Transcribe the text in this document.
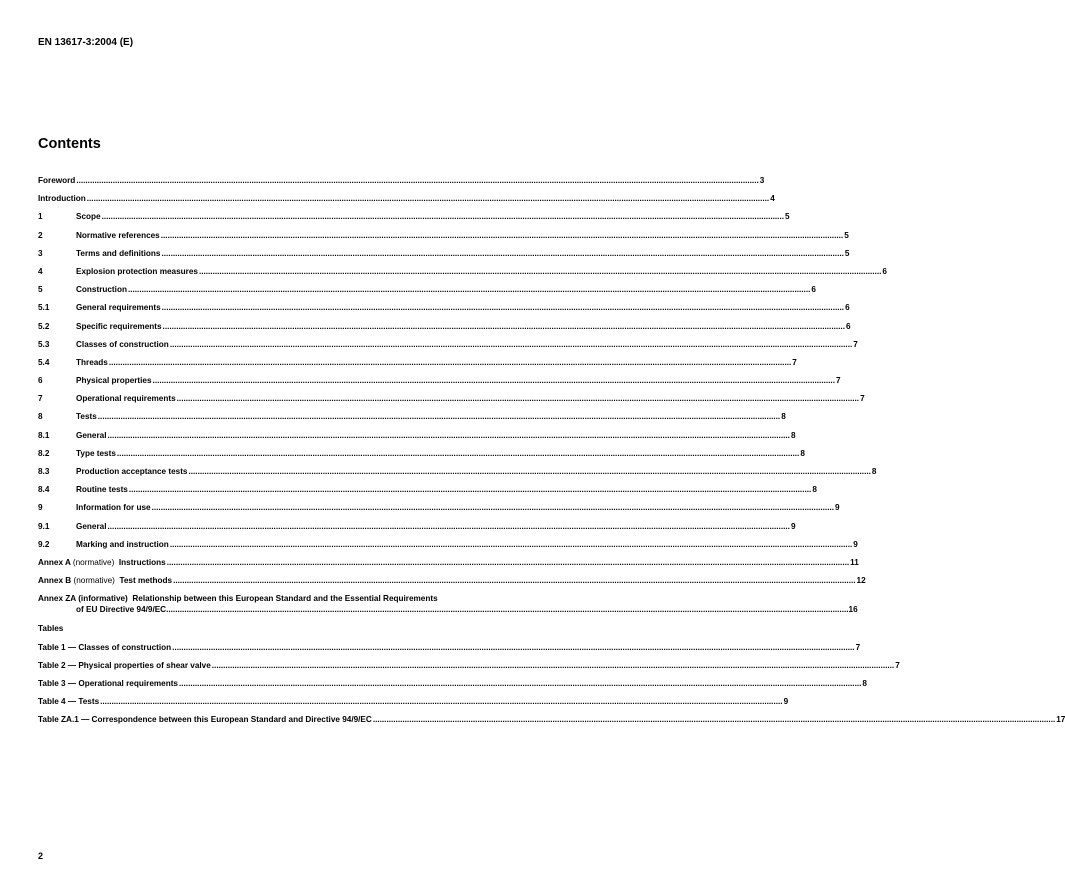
EN 13617-3:2004 (E)
Contents
Foreword ............................................................................................................................................................................................................................................................................................................ 3
Introduction ............................................................................................................................................................................................................................................................................................................ 4
1	Scope ............................................................................................................................................................................................................................................................................................................ 5
2	Normative references ............................................................................................................................................................................................................................................................................................................ 5
3	Terms and definitions ............................................................................................................................................................................................................................................................................................................ 5
4	Explosion protection measures ............................................................................................................................................................................................................................................................................................................ 6
5	Construction ............................................................................................................................................................................................................................................................................................................ 6
5.1	General requirements ............................................................................................................................................................................................................................................................................................................ 6
5.2	Specific requirements ............................................................................................................................................................................................................................................................................................................ 6
5.3	Classes of construction ............................................................................................................................................................................................................................................................................................................ 7
5.4	Threads ............................................................................................................................................................................................................................................................................................................ 7
6	Physical properties ............................................................................................................................................................................................................................................................................................................ 7
7	Operational requirements ............................................................................................................................................................................................................................................................................................................ 7
8	Tests ............................................................................................................................................................................................................................................................................................................ 8
8.1	General ............................................................................................................................................................................................................................................................................................................ 8
8.2	Type tests ............................................................................................................................................................................................................................................................................................................ 8
8.3	Production acceptance tests ............................................................................................................................................................................................................................................................................................................ 8
8.4	Routine tests ............................................................................................................................................................................................................................................................................................................ 8
9	Information for use ............................................................................................................................................................................................................................................................................................................ 9
9.1	General ............................................................................................................................................................................................................................................................................................................ 9
9.2	Marking and instruction ............................................................................................................................................................................................................................................................................................................ 9
Annex A (normative) Instructions ............................................................................................................................................................................................................................................................................................................ 11
Annex B (normative) Test methods ............................................................................................................................................................................................................................................................................................................ 12
Annex ZA (informative) Relationship between this European Standard and the Essential Requirements
of EU Directive 94/9/EC ............................................................................................................................................................................................................................................................................................................ 16
Tables
Table 1 — Classes of construction ............................................................................................................................................................................................................................................................................................................ 7
Table 2 — Physical properties of shear valve ............................................................................................................................................................................................................................................................................................................ 7
Table 3 — Operational requirements ............................................................................................................................................................................................................................................................................................................ 8
Table 4 — Tests ............................................................................................................................................................................................................................................................................................................ 9
Table ZA.1 — Correspondence between this European Standard and Directive 94/9/EC ............................................................................................................................................................................................................................................................................................................ 17
2
